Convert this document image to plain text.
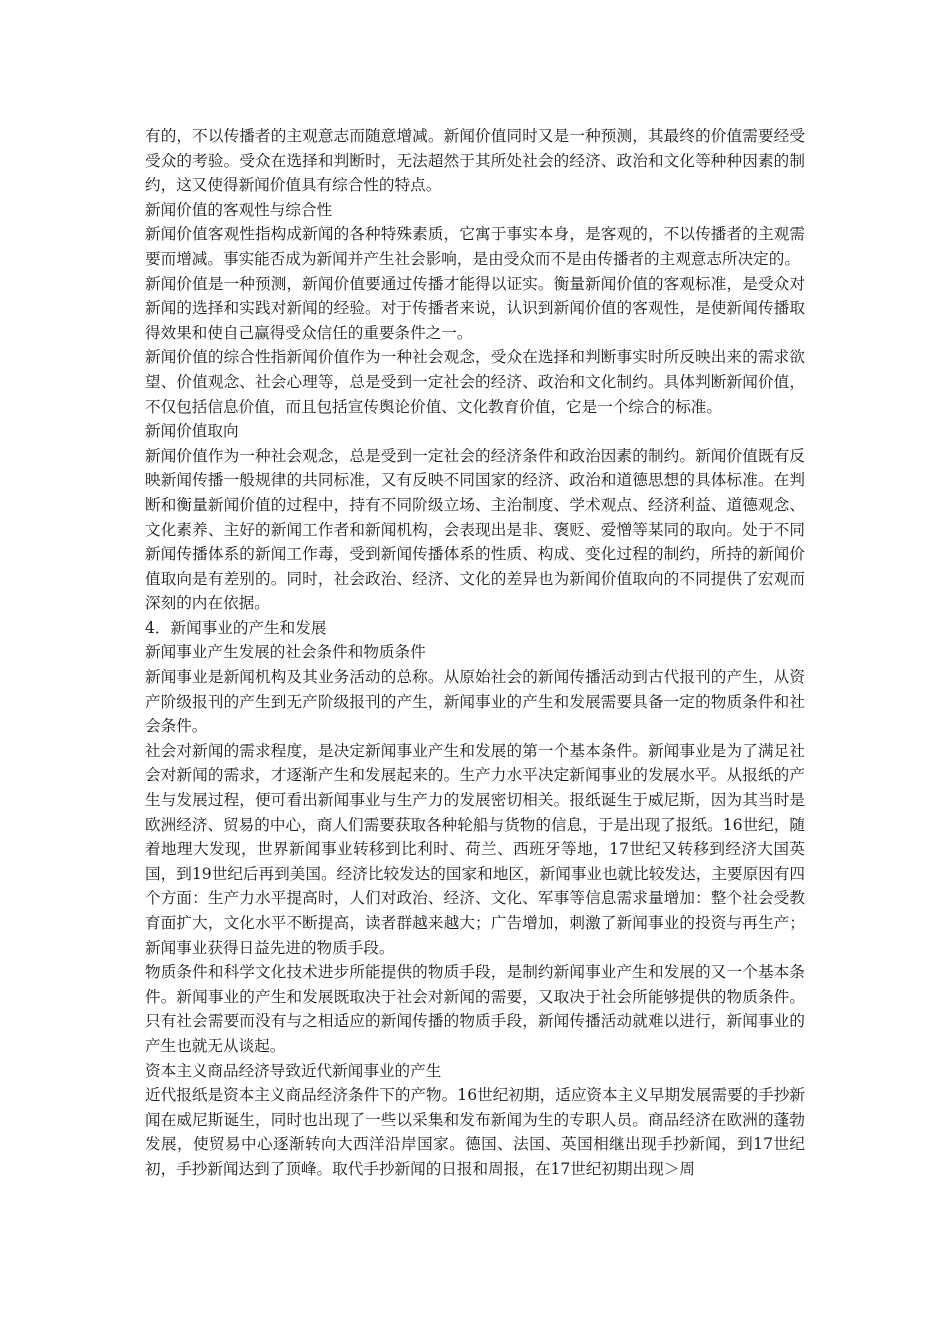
有的，不以传播者的主观意志而随意增减。新闻价值同时又是一种预测，其最终的价值需要经受受众的考验。受众在选择和判断时，无法超然于其所处社会的经济、政治和文化等种种因素的制约，这又使得新闻价值具有综合性的特点。

新闻价值的客观性与综合性

新闻价值客观性指构成新闻的各种特殊素质，它寓于事实本身，是客观的，不以传播者的主观需要而增减。事实能否成为新闻并产生社会影响，是由受众而不是由传播者的主观意志所决定的。

新闻价值是一种预测，新闻价值要通过传播才能得以证实。衡量新闻价值的客观标准，是受众对新闻的选择和实践对新闻的经验。对于传播者来说，认识到新闻价值的客观性，是使新闻传播取得效果和使自己赢得受众信任的重要条件之一。

新闻价值的综合性指新闻价值作为一种社会观念，受众在选择和判断事实时所反映出来的需求欲望、价值观念、社会心理等，总是受到一定社会的经济、政治和文化制约。具体判断新闻价值，不仅包括信息价值，而且包括宣传舆论价值、文化教育价值，它是一个综合的标准。

新闻价值取向

新闻价值作为一种社会观念，总是受到一定社会的经济条件和政治因素的制约。新闻价值既有反映新闻传播一般规律的共同标准，又有反映不同国家的经济、政治和道德思想的具体标准。在判断和衡量新闻价值的过程中，持有不同阶级立场、主治制度、学术观点、经济利益、道德观念、文化素养、主好的新闻工作者和新闻机构，会表现出是非、褒贬、爱憎等某同的取向。处于不同新闻传播体系的新闻工作毒，受到新闻传播体系的性质、构成、变化过程的制约，所持的新闻价值取向是有差别的。同时，社会政治、经济、文化的差异也为新闻价值取向的不同提供了宏观而深刻的内在依据。

4．新闻事业的产生和发展

新闻事业产生发展的社会条件和物质条件

新闻事业是新闻机构及其业务活动的总称。从原始社会的新闻传播活动到古代报刊的产生，从资产阶级报刊的产生到无产阶级报刊的产生，新闻事业的产生和发展需要具备一定的物质条件和社会条件。

社会对新闻的需求程度，是决定新闻事业产生和发展的第一个基本条件。新闻事业是为了满足社会对新闻的需求，才逐渐产生和发展起来的。生产力水平决定新闻事业的发展水平。从报纸的产生与发展过程，便可看出新闻事业与生产力的发展密切相关。报纸诞生于威尼斯，因为其当时是欧洲经济、贸易的中心，商人们需要获取各种轮船与货物的信息，于是出现了报纸。16世纪，随着地理大发现，世界新闻事业转移到比利时、荷兰、西班牙等地，17世纪又转移到经济大国英国，到19世纪后再到美国。经济比较发达的国家和地区，新闻事业也就比较发达，主要原因有四个方面：生产力水平提高时，人们对政治、经济、文化、军事等信息需求量增加：整个社会受教育面扩大，文化水平不断提高，读者群越来越大；广告增加，刺激了新闻事业的投资与再生产；新闻事业获得日益先进的物质手段。

物质条件和科学文化技术进步所能提供的物质手段，是制约新闻事业产生和发展的又一个基本条件。新闻事业的产生和发展既取决于社会对新闻的需要，又取决于社会所能够提供的物质条件。只有社会需要而没有与之相适应的新闻传播的物质手段，新闻传播活动就难以进行，新闻事业的产生也就无从谈起。

资本主义商品经济导致近代新闻事业的产生

近代报纸是资本主义商品经济条件下的产物。16世纪初期，适应资本主义早期发展需要的手抄新闻在威尼斯诞生，同时也出现了一些以采集和发布新闻为生的专职人员。商品经济在欧洲的蓬勃发展，使贸易中心逐渐转向大西洋沿岸国家。德国、法国、英国相继出现手抄新闻，到17世纪初，手抄新闻达到了顶峰。取代手抄新闻的日报和周报，在17世纪初期出现＞周
